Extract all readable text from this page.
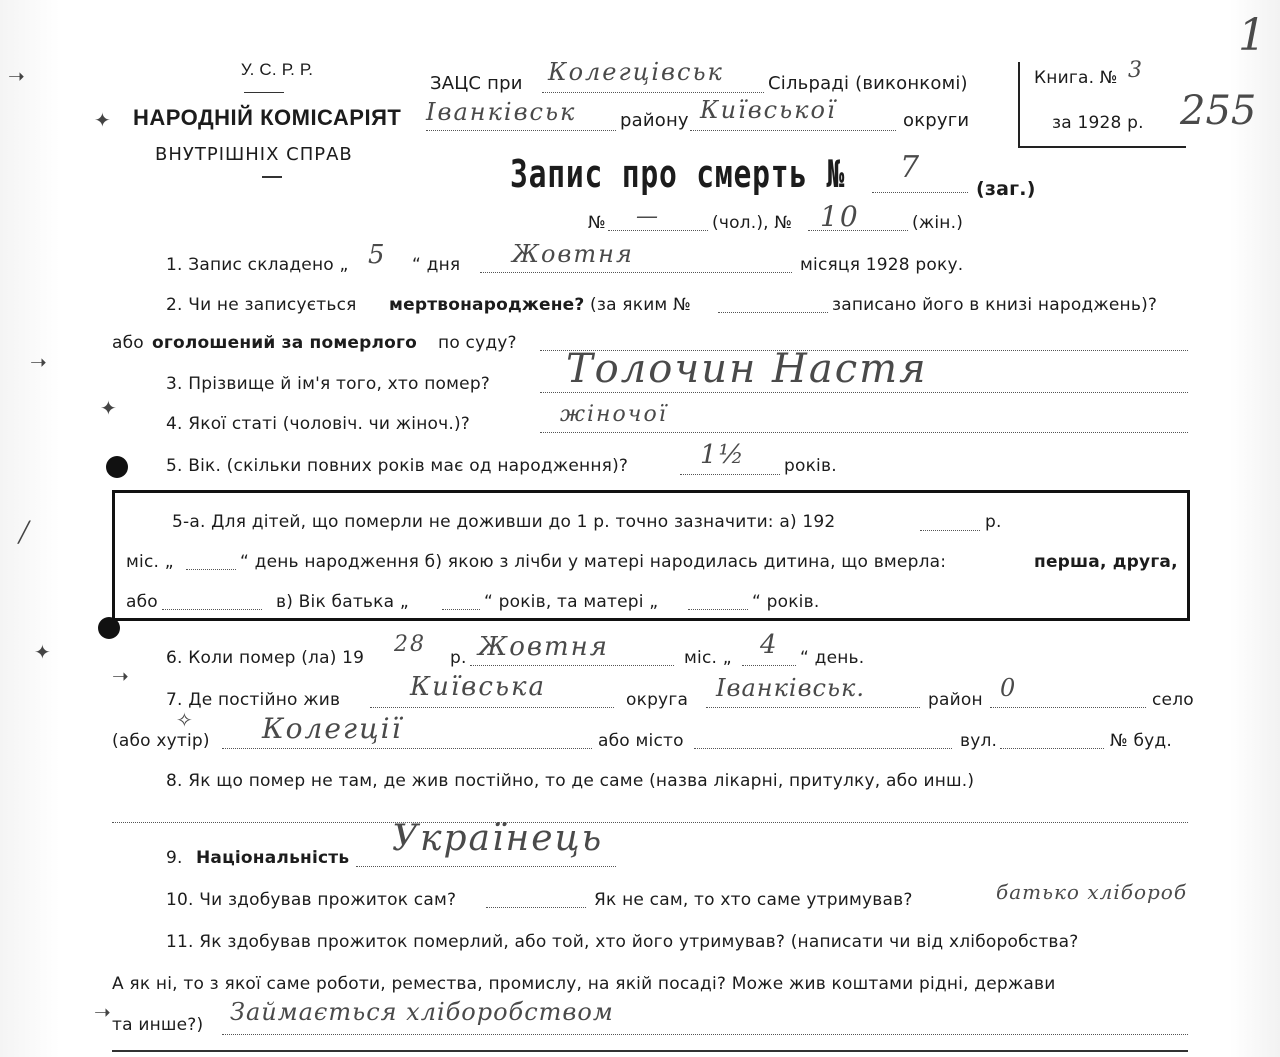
У. С. Р. Р.
НАРОДНІЙ КОМІСАРІЯТ
ВНУТРІШНІХ СПРАВ
ЗАЦС при Колегцівськ Сільраді (виконкомі)
Іванківськ району Київської	округи
Книга. № 3
за 1928 р.
1
255
Запис про смерть № 7
(заг.)
№ —	(чол.), № 10	(жін.)
1. Запис складено „ 5 “ дня Жовтня	місяця 1928 року.
2. Чи не записується мертвонароджене? (за яким №	записано його в книзі народжень)?
або оголошений за померлого по суду?
3. Прізвище й ім'я того, хто помер? Толочин Настя
4. Якої статі (чоловіч. чи жіноч.)?	жіночої
5. Вік. (скільки повних років має од народження)?	1½ років.
5-а. Для дітей, що померли не доживши до 1 р. точно зазначити: а) 192	р.
міс. „	“ день народження б) якою з лічби у матері народилась дитина, що вмерла:	перша, друга,
або	в) Вік батька „	“ років, та матері „	“ років.
6. Коли помер (ла) 19
28
р. Жовтня	міс. „ 4 “ день.
7. Де постійно жив	Київська	округа Іванківськ.	район 0	село
(або хутір) Колегції	або місто	вул.	№ буд.
8. Як що помер не там, де жив постійно, то де саме (назва лікарні, притулку, або инш.)
9. Національність Українець
10. Чи здобував прожиток сам?	Як не сам, то хто саме утримував?	батько хлібороб
11. Як здобував прожиток померлий, або той, хто його утримував? (написати чи від хліборобства?
А як ні, то з якої саме роботи, ремества, промислу, на якій посаді? Може жив коштами рідні, держави
та инше?) Займається хліборобством
➝
➝
✦
╱
✦
➝
✧
➝
✦
